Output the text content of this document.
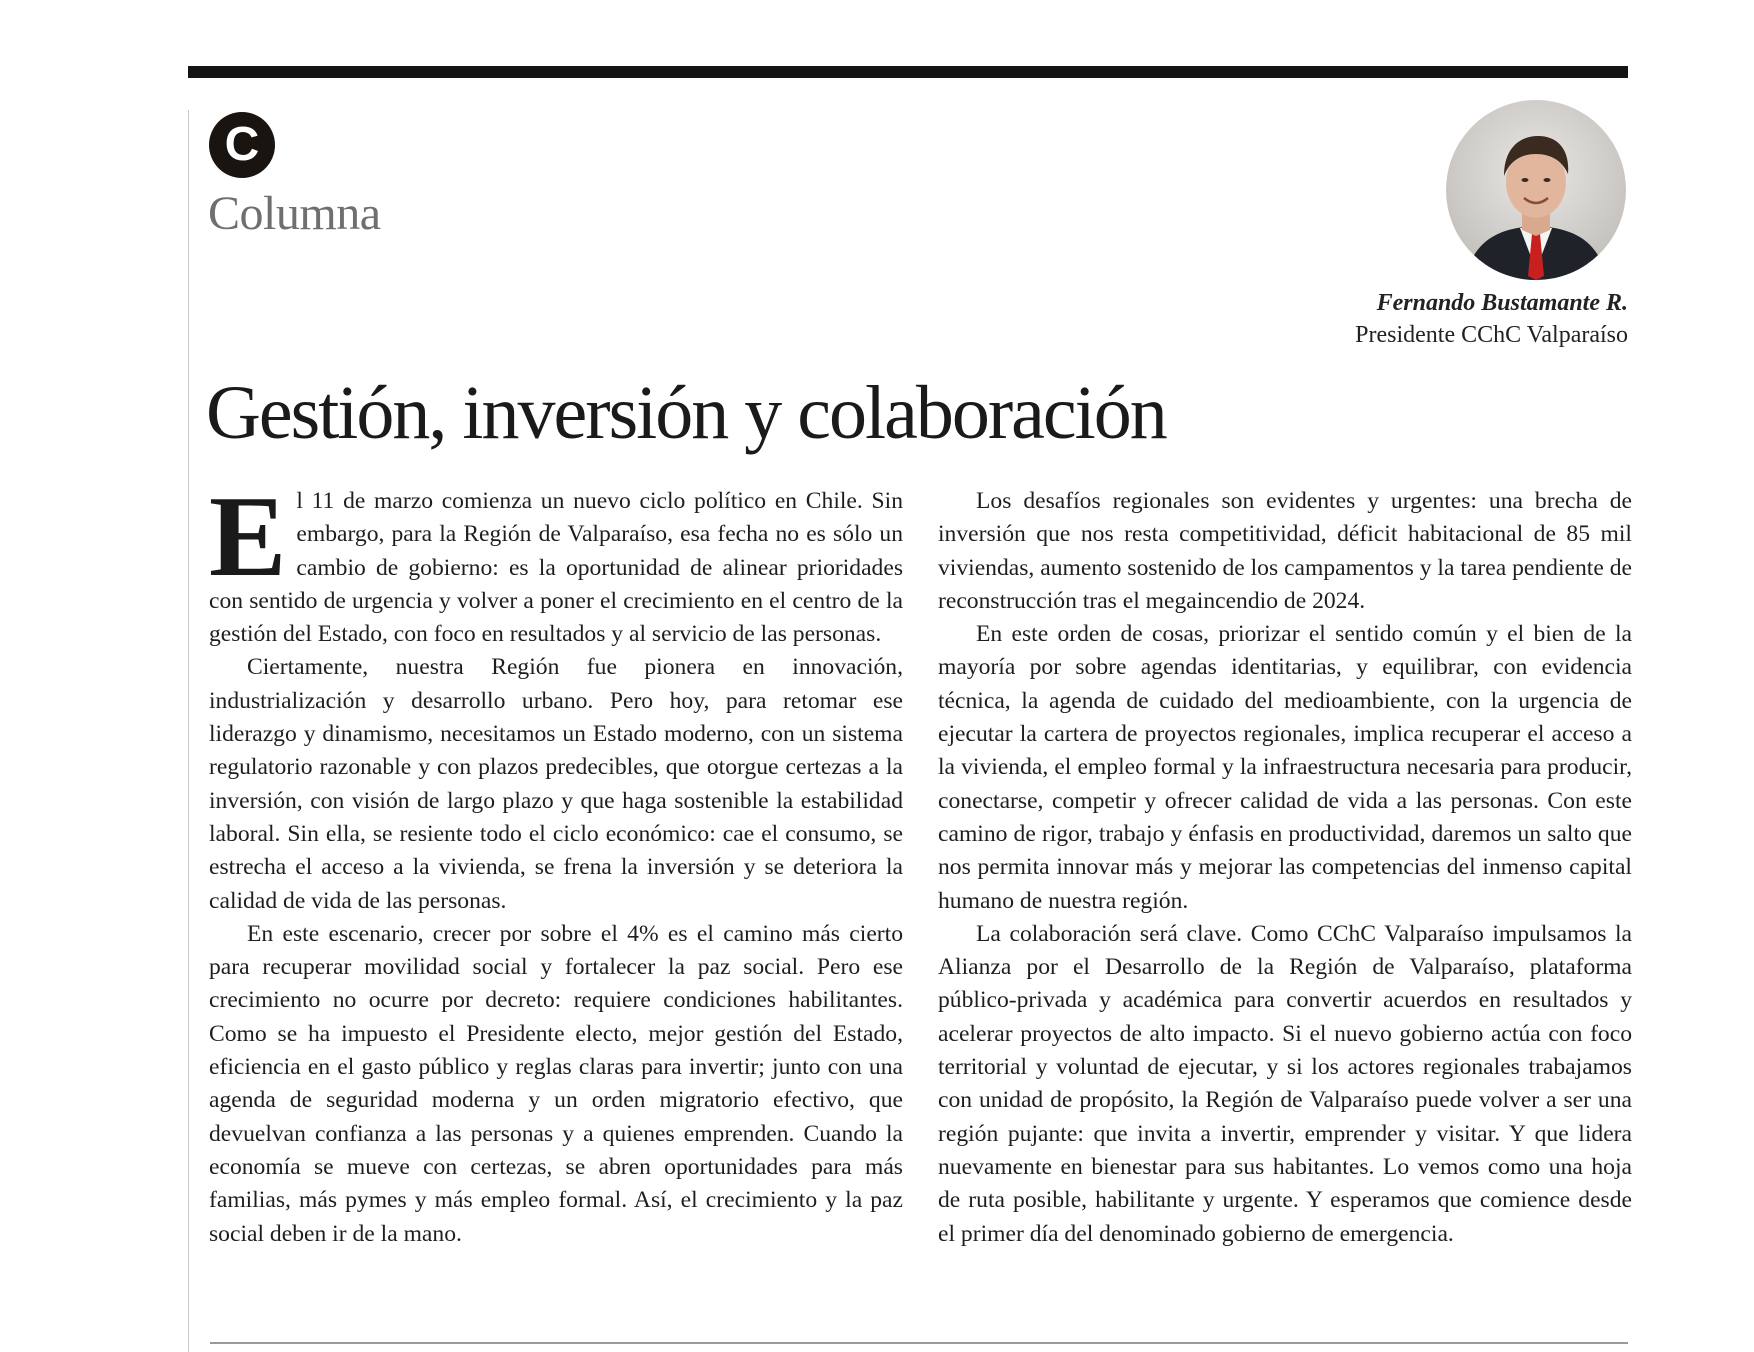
C
Columna
Fernando Bustamante R.
Presidente CChC Valparaíso
Gestión, inversión y colaboración

El 11 de marzo comienza un nuevo ciclo político en Chile. Sin embargo, para la Región de Valparaíso, esa fecha no es sólo un cambio de gobierno: es la oportunidad de alinear prioridades con sentido de urgencia y volver a poner el crecimiento en el centro de la gestión del Estado, con foco en resultados y al servicio de las personas.

Ciertamente, nuestra Región fue pionera en innovación, industrialización y desarrollo urbano. Pero hoy, para retomar ese liderazgo y dinamismo, necesitamos un Estado moderno, con un sistema regulatorio razonable y con plazos predecibles, que otorgue certezas a la inversión, con visión de largo plazo y que haga sostenible la estabilidad laboral. Sin ella, se resiente todo el ciclo económico: cae el consumo, se estrecha el acceso a la vivienda, se frena la inversión y se deteriora la calidad de vida de las personas.

En este escenario, crecer por sobre el 4% es el camino más cierto para recuperar movilidad social y fortalecer la paz social. Pero ese crecimiento no ocurre por decreto: requiere condiciones habilitantes. Como se ha impuesto el Presidente electo, mejor gestión del Estado, eficiencia en el gasto público y reglas claras para invertir; junto con una agenda de seguridad moderna y un orden migratorio efectivo, que devuelvan confianza a las personas y a quienes emprenden. Cuando la economía se mueve con certezas, se abren oportunidades para más familias, más pymes y más empleo formal. Así, el crecimiento y la paz social deben ir de la mano.

Los desafíos regionales son evidentes y urgentes: una brecha de inversión que nos resta competitividad, déficit habitacional de 85 mil viviendas, aumento sostenido de los campamentos y la tarea pendiente de reconstrucción tras el megaincendio de 2024.

En este orden de cosas, priorizar el sentido común y el bien de la mayoría por sobre agendas identitarias, y equilibrar, con evidencia técnica, la agenda de cuidado del medioambiente, con la urgencia de ejecutar la cartera de proyectos regionales, implica recuperar el acceso a la vivienda, el empleo formal y la infraestructura necesaria para producir, conectarse, competir y ofrecer calidad de vida a las personas. Con este camino de rigor, trabajo y énfasis en productividad, daremos un salto que nos permita innovar más y mejorar las competencias del inmenso capital humano de nuestra región.

La colaboración será clave. Como CChC Valparaíso impulsamos la Alianza por el Desarrollo de la Región de Valparaíso, plataforma público-privada y académica para convertir acuerdos en resultados y acelerar proyectos de alto impacto. Si el nuevo gobierno actúa con foco territorial y voluntad de ejecutar, y si los actores regionales trabajamos con unidad de propósito, la Región de Valparaíso puede volver a ser una región pujante: que invita a invertir, emprender y visitar. Y que lidera nuevamente en bienestar para sus habitantes. Lo vemos como una hoja de ruta posible, habilitante y urgente. Y esperamos que comience desde el primer día del denominado gobierno de emergencia.
